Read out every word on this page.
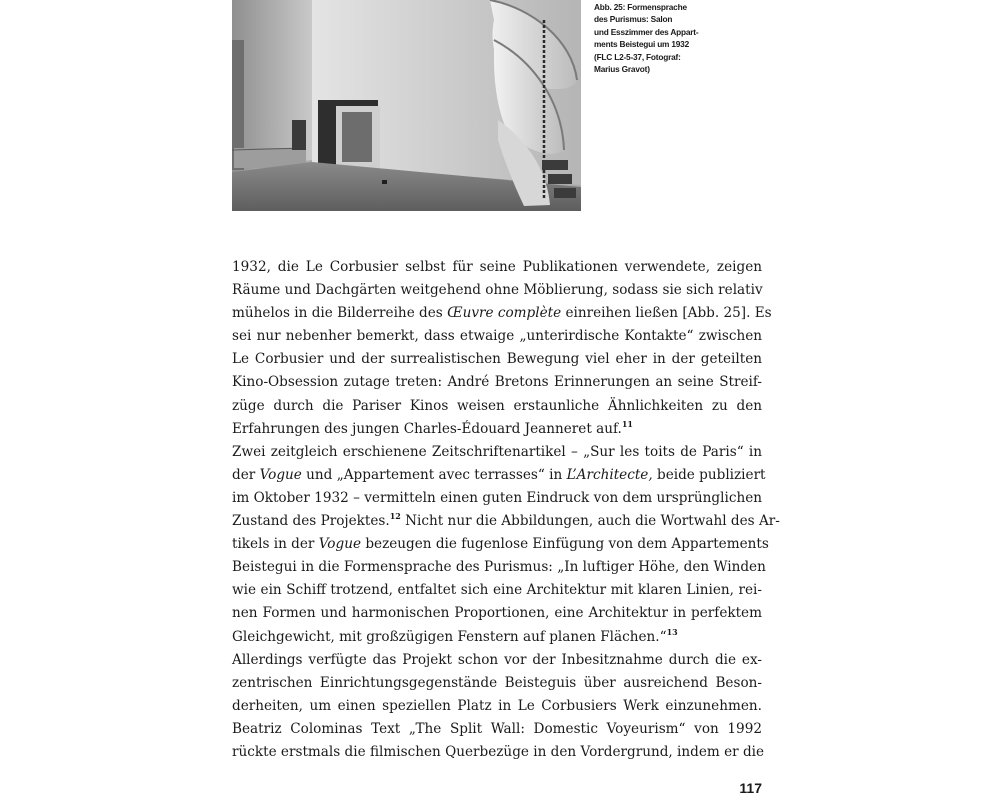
Abb. 25: Formensprache
des Purismus: Salon
und Esszimmer des Appart-
ments Beistegui um 1932
(FLC L2-5-37, Fotograf:
Marius Gravot)
1932, die Le Corbusier selbst für seine Publikationen verwendete, zeigen
Räume und Dachgärten weitgehend ohne Möblierung, sodass sie sich relativ
mühelos in die Bilderreihe des Œuvre complète einreihen ließen [Abb. 25]. Es
sei nur nebenher bemerkt, dass etwaige „unterirdische Kontakte“ zwischen
Le Corbusier und der surrealistischen Bewegung viel eher in der geteilten
Kino-Obsession zutage treten: André Bretons Erinnerungen an seine Streif-
züge durch die Pariser Kinos weisen erstaunliche Ähnlichkeiten zu den
Erfahrungen des jungen Charles-Édouard Jeanneret auf.$^{11}$
Zwei zeitgleich erschienene Zeitschriftenartikel – „Sur les toits de Paris“ in
der Vogue und „Appartement avec terrasses“ in L’Architecte, beide publiziert
im Oktober 1932 – vermitteln einen guten Eindruck von dem ursprünglichen
Zustand des Projektes.$^{12}$ Nicht nur die Abbildungen, auch die Wortwahl des Ar-
tikels in der Vogue bezeugen die fugenlose Einfügung von dem Appartements
Beistegui in die Formensprache des Purismus: „In luftiger Höhe, den Winden
wie ein Schiff trotzend, entfaltet sich eine Architektur mit klaren Linien, rei-
nen Formen und harmonischen Proportionen, eine Architektur in perfektem
Gleichgewicht, mit großzügigen Fenstern auf planen Flächen.“$^{13}$
Allerdings verfügte das Projekt schon vor der Inbesitznahme durch die ex-
zentrischen Einrichtungsgegenstände Beisteguis über ausreichend Beson-
derheiten, um einen speziellen Platz in Le Corbusiers Werk einzunehmen.
Beatriz Colominas Text „The Split Wall: Domestic Voyeurism“ von 1992
rückte erstmals die filmischen Querbezüge in den Vordergrund, indem er die
117
